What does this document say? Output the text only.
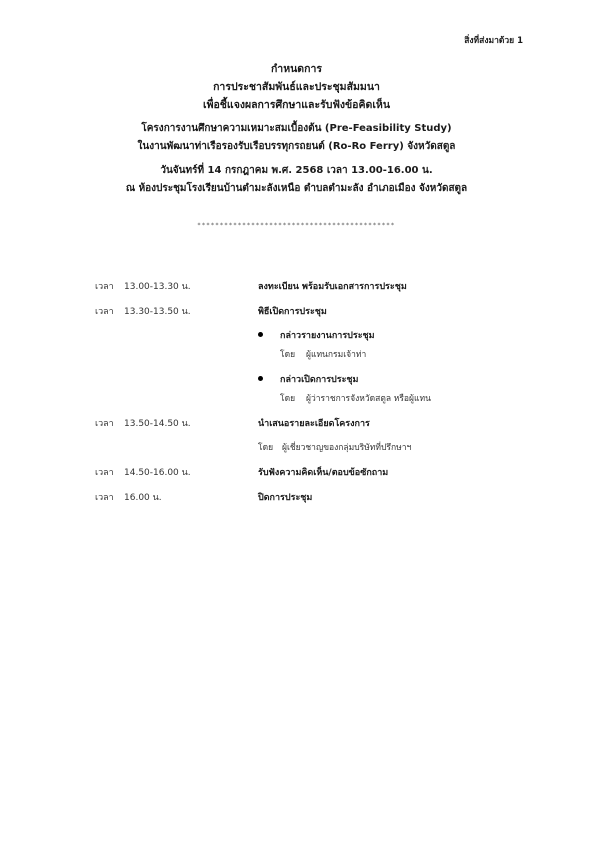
สิ่งที่ส่งมาด้วย 1
กำหนดการ
การประชาสัมพันธ์และประชุมสัมมนา
เพื่อชี้แจงผลการศึกษาและรับฟังข้อคิดเห็น
โครงการงานศึกษาความเหมาะสมเบื้องต้น (Pre-Feasibility Study)
ในงานพัฒนาท่าเรือรองรับเรือบรรทุกรถยนต์ (Ro-Ro Ferry) จังหวัดสตูล
วันจันทร์ที่ 14 กรกฎาคม พ.ศ. 2568 เวลา 13.00-16.00 น.
ณ ห้องประชุมโรงเรียนบ้านตำมะลังเหนือ ตำบลตำมะลัง อำเภอเมือง จังหวัดสตูล
********************************************
เวลา 13.00-13.30 น.	ลงทะเบียน พร้อมรับเอกสารการประชุม
เวลา 13.30-13.50 น.	พิธีเปิดการประชุม
กล่าวรายงานการประชุม
โดย ผู้แทนกรมเจ้าท่า
กล่าวเปิดการประชุม
โดย ผู้ว่าราชการจังหวัดสตูล หรือผู้แทน
เวลา 13.50-14.50 น.	นำเสนอรายละเอียดโครงการ
โดย ผู้เชี่ยวชาญของกลุ่มบริษัทที่ปรึกษาฯ
เวลา 14.50-16.00 น.	รับฟังความคิดเห็น/ตอบข้อซักถาม
เวลา 16.00 น.	ปิดการประชุม
